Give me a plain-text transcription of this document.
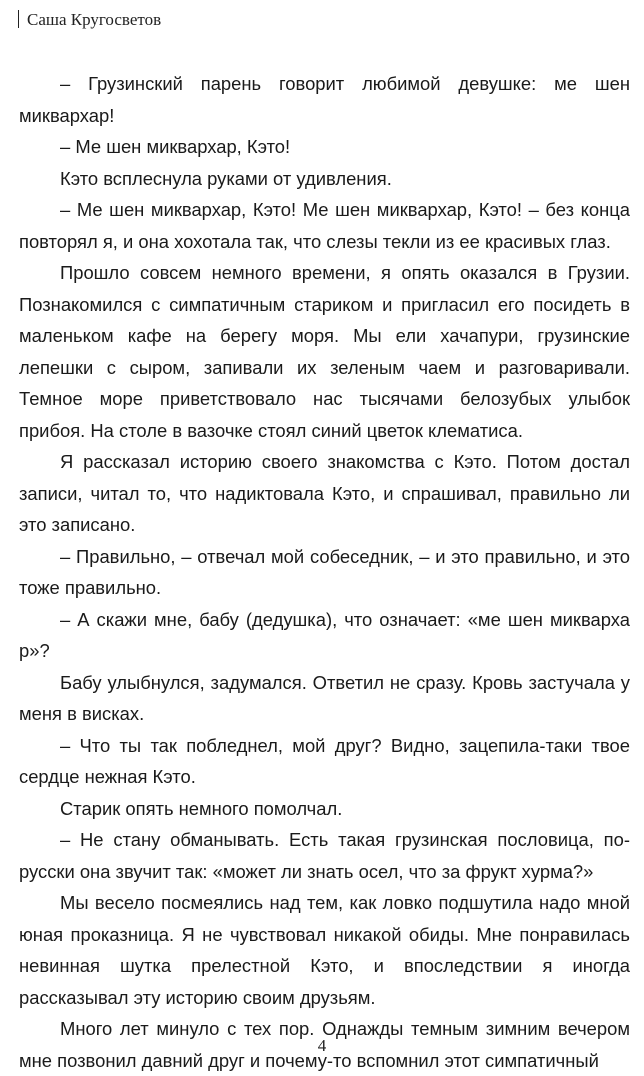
Саша Кругосветов

– Грузинский парень говорит любимой девушке: ме шен миквархар!

– Ме шен миквархар, Кэто!

Кэто всплеснула руками от удивления.

– Ме шен миквархар, Кэто! Ме шен миквархар, Кэто! – без конца повторял я, и она хохотала так, что слезы текли из ее красивых глаз.

Прошло совсем немного времени, я опять оказался в Грузии. Познакомился с симпатичным стариком и пригласил его посидеть в маленьком кафе на берегу моря. Мы ели хачапури, грузинские лепешки с сыром, запивали их зеленым чаем и разговаривали. Темное море приветствовало нас тысячами белозубых улыбок прибоя. На столе в вазочке стоял синий цветок клематиса.

Я рассказал историю своего знакомства с Кэто. Потом достал записи, читал то, что надиктовала Кэто, и спрашивал, правильно ли это записано.

– Правильно, – отвечал мой собеседник, – и это правильно, и это тоже правильно.

– А скажи мне, бабу (дедушка), что означает: «ме шен микварха​р»?

Бабу улыбнулся, задумался. Ответил не сразу. Кровь застучала у меня в висках.

– Что ты так побледнел, мой друг? Видно, зацепила-таки твое сердце нежная Кэто.

Старик опять немного помолчал.

– Не стану обманывать. Есть такая грузинская пословица, по-русски она звучит так: «может ли знать осел, что за фрукт хурма?»

Мы весело посмеялись над тем, как ловко подшутила надо мной юная проказница. Я не чувствовал никакой обиды. Мне понравилась невинная шутка прелестной Кэто, и впоследствии я иногда рассказывал эту историю своим друзьям.

Много лет минуло с тех пор. Однажды темным зимним вечером мне позвонил давний друг и почему-то вспомнил этот симпатичный

4
